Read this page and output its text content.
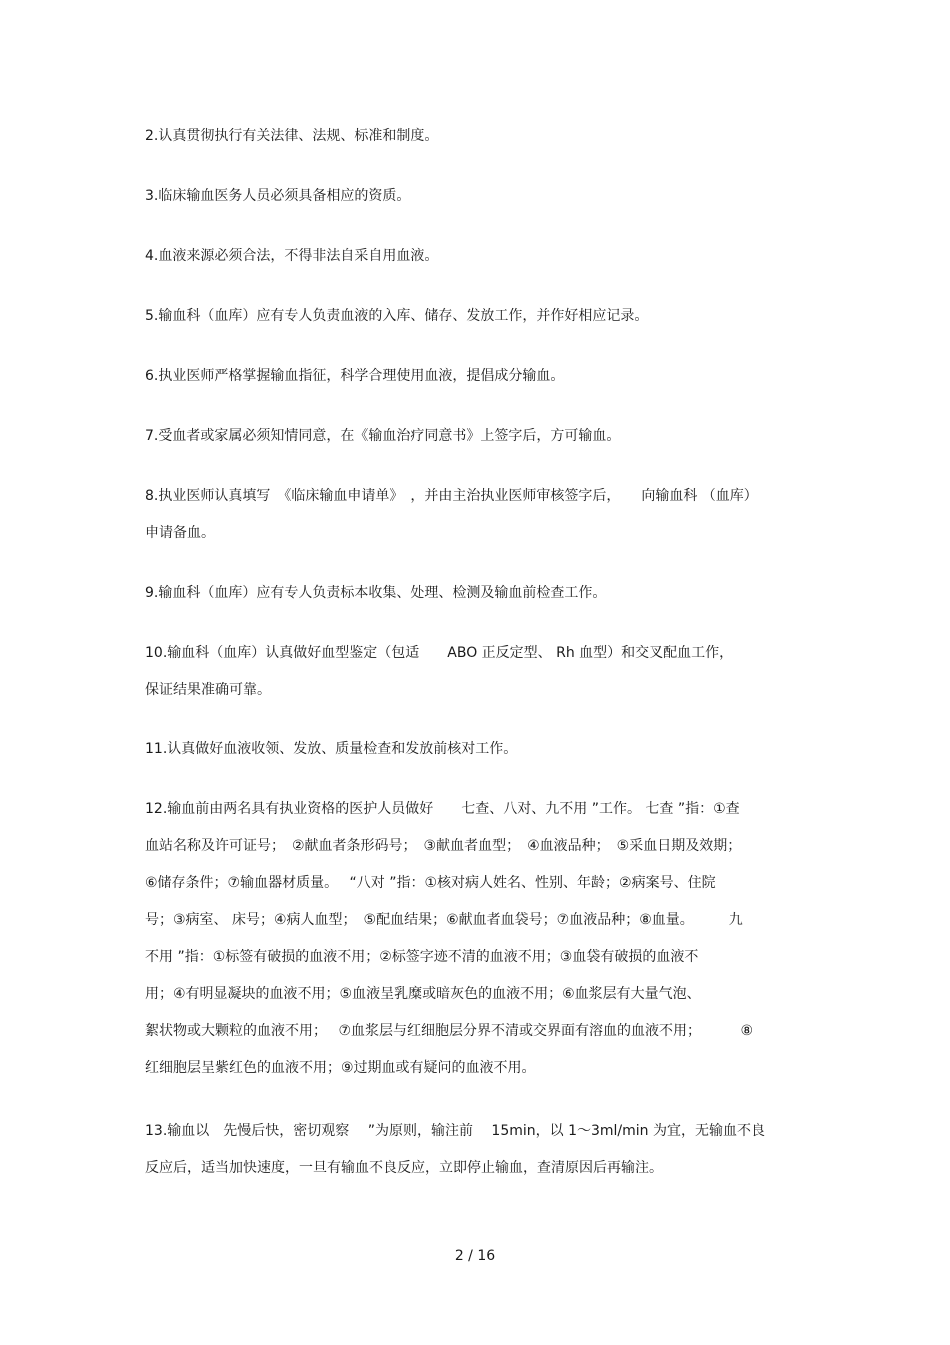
2.认真贯彻执行有关法律、法规、标准和制度。

3.临床输血医务人员必须具备相应的资质。

4.血液来源必须合法，不得非法自采自用血液。

5.输血科（血库）应有专人负责血液的入库、储存、发放工作，并作好相应记录。

6.执业医师严格掌握输血指征，科学合理使用血液，提倡成分输血。

7.受血者或家属必须知情同意，在《输血治疗同意书》上签字后，方可输血。

8.执业医师认真填写　《临床输血申请单》　，并由主治执业医师审核签字后，　　向输血科 （血库）
申请备血。

9.输血科（血库）应有专人负责标本收集、处理、检测及输血前检查工作。

10.输血科（血库）认真做好血型鉴定（包适　　ABO 正反定型、 Rh 血型）和交叉配血工作，
保证结果准确可靠。

11.认真做好血液收领、发放、质量检查和发放前核对工作。

12.输血前由两名具有执业资格的医护人员做好　　七查、八对、九不用 ”工作。 七查 ”指：①查
血站名称及许可证号；　②献血者条形码号；　③献血者血型；　④血液品种；　⑤采血日期及效期；
⑥储存条件；⑦输血器材质量。　 “八对 ”指：①核对病人姓名、性别、年龄；②病案号、住院
号；③病室、 床号；④病人血型；　⑤配血结果；⑥献血者血袋号；⑦血液品种；⑧血量。　　　九
不用 ”指：①标签有破损的血液不用；②标签字迹不清的血液不用；③血袋有破损的血液不
用；④有明显凝块的血液不用；⑤血液呈乳糜或暗灰色的血液不用；⑥血浆层有大量气泡、
絮状物或大颗粒的血液不用；　 ⑦血浆层与红细胞层分界不清或交界面有溶血的血液不用；　　　 ⑧
红细胞层呈紫红色的血液不用；⑨过期血或有疑问的血液不用。

13.输血以　先慢后快，密切观察　 ”为原则，输注前　 15min，以 1～3ml/min 为宜，无输血不良
反应后，适当加快速度，一旦有输血不良反应，立即停止输血，查清原因后再输注。

2 / 16
